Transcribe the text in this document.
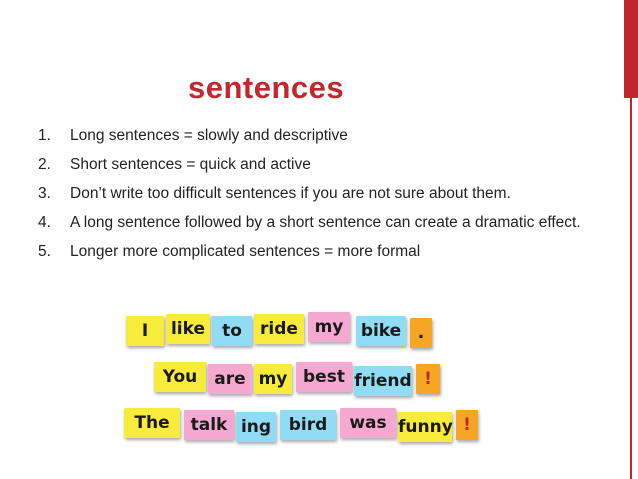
sentences
1. Long sentences = slowly and descriptive
2. Short sentences = quick and active
3. Don’t write too difficult sentences if you are not sure about them.
4. A long sentence followed by a short sentence can create a dramatic effect.
5. Longer more complicated sentences = more formal
I	like	to	ride my	bike .
You	are my best friend !
The	talk ing	bird	was funny !
